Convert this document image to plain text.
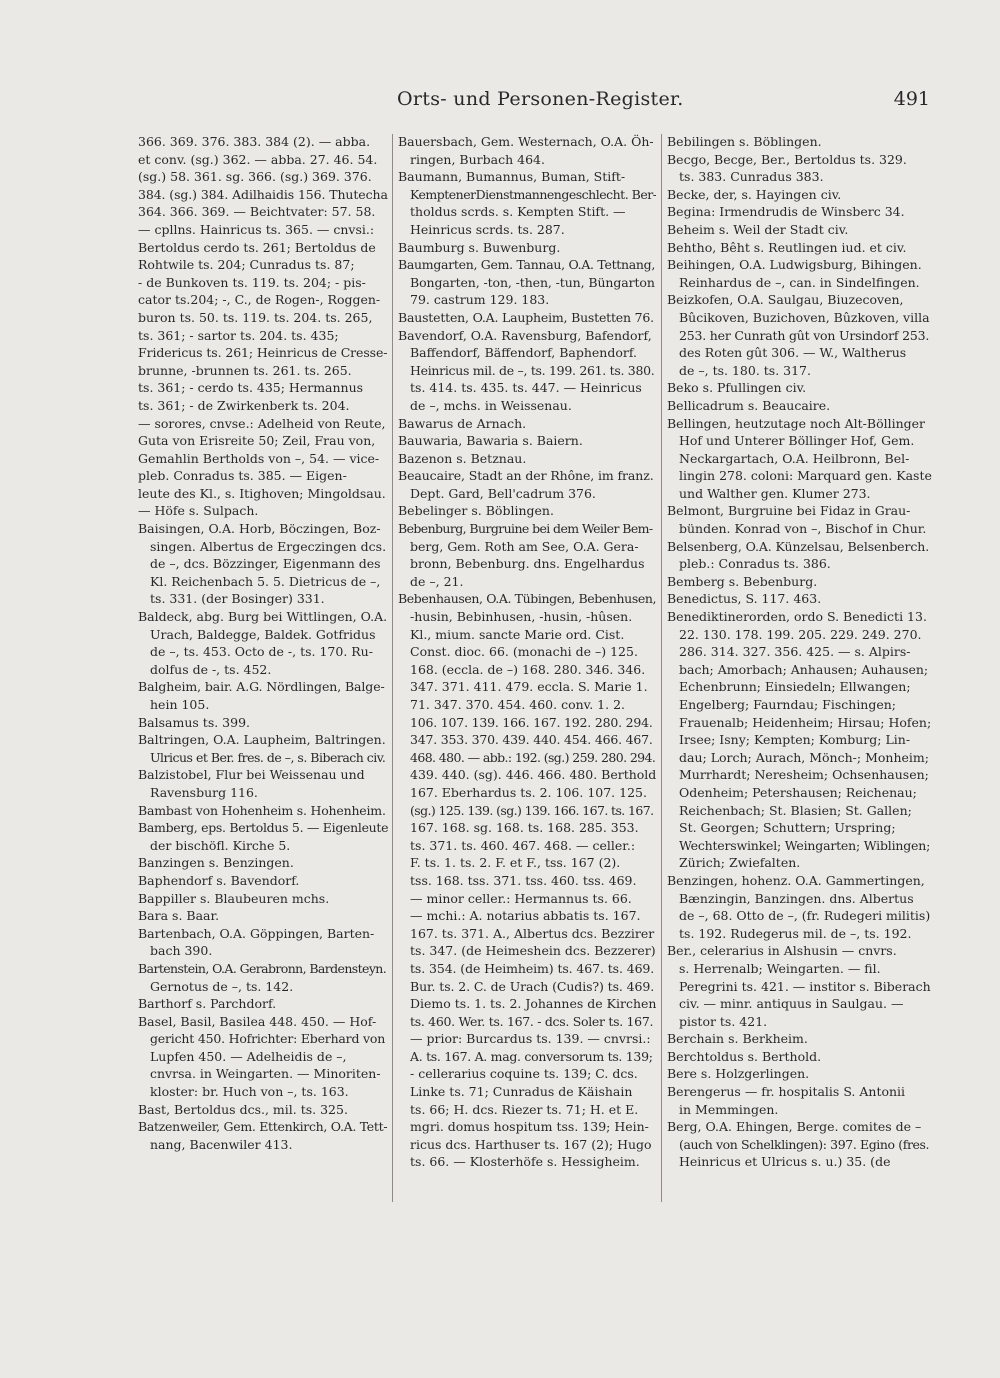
Orts- und Personen-Register.	491
366. 369. 376. 383. 384 (2). — abba.
et conv. (sg.) 362. — abba. 27. 46. 54.
(sg.) 58. 361. sg. 366. (sg.) 369. 376.
384. (sg.) 384. Adilhaidis 156. Thutecha
364. 366. 369. — Beichtvater: 57. 58.
— cpllns. Hainricus ts. 365. — cnvsi.:
Bertoldus cerdo ts. 261; Bertoldus de
Rohtwile ts. 204; Cunradus ts. 87;
- de Bunkoven ts. 119. ts. 204; - pis-
cator ts.204; -, C., de Rogen-, Roggen-
buron ts. 50. ts. 119. ts. 204. ts. 265,
ts. 361; - sartor ts. 204. ts. 435;
Fridericus ts. 261; Heinricus de Cresse-
brunne, -brunnen ts. 261. ts. 265.
ts. 361; - cerdo ts. 435; Hermannus
ts. 361; - de Zwirkenberk ts. 204.
— sorores, cnvse.: Adelheid von Reute,
Guta von Erisreite 50; Zeil, Frau von,
Gemahlin Bertholds von –, 54. — vice-
pleb. Conradus ts. 385. — Eigen-
leute des Kl., s. Itighoven; Mingoldsau.
— Höfe s. Sulpach.
Baisingen, O.A. Horb, Böczingen, Boz-
singen. Albertus de Ergeczingen dcs.
de –, dcs. Bözzinger, Eigenmann des
Kl. Reichenbach 5. 5. Dietricus de –,
ts. 331. (der Bosinger) 331.
Baldeck, abg. Burg bei Wittlingen, O.A.
Urach, Baldegge, Baldek. Gotfridus
de –, ts. 453. Octo de -, ts. 170. Ru-
dolfus de -, ts. 452.
Balgheim, bair. A.G. Nördlingen, Balge-
hein 105.
Balsamus ts. 399.
Baltringen, O.A. Laupheim, Baltringen.
Ulricus et Ber. fres. de –, s. Biberach civ.
Balzistobel, Flur bei Weissenau und
Ravensburg 116.
Bambast von Hohenheim s. Hohenheim.
Bamberg, eps. Bertoldus 5. — Eigenleute
der bischöfl. Kirche 5.
Banzingen s. Benzingen.
Baphendorf s. Bavendorf.
Bappiller s. Blaubeuren mchs.
Bara s. Baar.
Bartenbach, O.A. Göppingen, Barten-
bach 390.
Bartenstein, O.A. Gerabronn, Bardensteyn.
Gernotus de –, ts. 142.
Barthorf s. Parchdorf.
Basel, Basil, Basilea 448. 450. — Hof-
gericht 450. Hofrichter: Eberhard von
Lupfen 450. — Adelheidis de –,
cnvrsa. in Weingarten. — Minoriten-
kloster: br. Huch von –, ts. 163.
Bast, Bertoldus dcs., mil. ts. 325.
Batzenweiler, Gem. Ettenkirch, O.A. Tett-
nang, Bacenwiler 413.
Bauersbach, Gem. Westernach, O.A. Öh-
ringen, Burbach 464.
Baumann, Bumannus, Buman, Stift-
KemptenerDienstmannengeschlecht. Ber-
tholdus scrds. s. Kempten Stift. —
Heinricus scrds. ts. 287.
Baumburg s. Buwenburg.
Baumgarten, Gem. Tannau, O.A. Tettnang,
Bongarten, -ton, -then, -tun, Büngarton
79. castrum 129. 183.
Baustetten, O.A. Laupheim, Bustetten 76.
Bavendorf, O.A. Ravensburg, Bafendorf,
Baffendorf, Bäffendorf, Baphendorf.
Heinricus mil. de –, ts. 199. 261. ts. 380.
ts. 414. ts. 435. ts. 447. — Heinricus
de –, mchs. in Weissenau.
Bawarus de Arnach.
Bauwaria, Bawaria s. Baiern.
Bazenon s. Betznau.
Beaucaire, Stadt an der Rhône, im franz.
Dept. Gard, Bell'cadrum 376.
Bebelinger s. Böblingen.
Bebenburg, Burgruine bei dem Weiler Bem-
berg, Gem. Roth am See, O.A. Gera-
bronn, Bebenburg. dns. Engelhardus
de –, 21.
Bebenhausen, O.A. Tübingen, Bebenhusen,
-husin, Bebinhusen, -husin, -hûsen.
Kl., mium. sancte Marie ord. Cist.
Const. dioc. 66. (monachi de –) 125.
168. (eccla. de –) 168. 280. 346. 346.
347. 371. 411. 479. eccla. S. Marie 1.
71. 347. 370. 454. 460. conv. 1. 2.
106. 107. 139. 166. 167. 192. 280. 294.
347. 353. 370. 439. 440. 454. 466. 467.
468. 480. — abb.: 192. (sg.) 259. 280. 294.
439. 440. (sg). 446. 466. 480. Berthold
167. Eberhardus ts. 2. 106. 107. 125.
(sg.) 125. 139. (sg.) 139. 166. 167. ts. 167.
167. 168. sg. 168. ts. 168. 285. 353.
ts. 371. ts. 460. 467. 468. — celler.:
F. ts. 1. ts. 2. F. et F., tss. 167 (2).
tss. 168. tss. 371. tss. 460. tss. 469.
— minor celler.: Hermannus ts. 66.
— mchi.: A. notarius abbatis ts. 167.
167. ts. 371. A., Albertus dcs. Bezzirer
ts. 347. (de Heimeshein dcs. Bezzerer)
ts. 354. (de Heimheim) ts. 467. ts. 469.
Bur. ts. 2. C. de Urach (Cudis?) ts. 469.
Diemo ts. 1. ts. 2. Johannes de Kirchen
ts. 460. Wer. ts. 167. - dcs. Soler ts. 167.
— prior: Burcardus ts. 139. — cnvrsi.:
A. ts. 167. A. mag. conversorum ts. 139;
- cellerarius coquine ts. 139; C. dcs.
Linke ts. 71; Cunradus de Käishain
ts. 66; H. dcs. Riezer ts. 71; H. et E.
mgri. domus hospitum tss. 139; Hein-
ricus dcs. Harthuser ts. 167 (2); Hugo
ts. 66. — Klosterhöfe s. Hessigheim.
Bebilingen s. Böblingen.
Becgo, Becge, Ber., Bertoldus ts. 329.
ts. 383. Cunradus 383.
Becke, der, s. Hayingen civ.
Begina: Irmendrudis de Winsberc 34.
Beheim s. Weil der Stadt civ.
Behtho, Bêht s. Reutlingen iud. et civ.
Beihingen, O.A. Ludwigsburg, Bihingen.
Reinhardus de –, can. in Sindelfingen.
Beizkofen, O.A. Saulgau, Biuzecoven,
Bûcikoven, Buzichoven, Bûzkoven, villa
253. her Cunrath gût von Ursindorf 253.
des Roten gût 306. — W., Waltherus
de –, ts. 180. ts. 317.
Beko s. Pfullingen civ.
Bellicadrum s. Beaucaire.
Bellingen, heutzutage noch Alt-Böllinger
Hof und Unterer Böllinger Hof, Gem.
Neckargartach, O.A. Heilbronn, Bel-
lingin 278. coloni: Marquard gen. Kaste
und Walther gen. Klumer 273.
Belmont, Burgruine bei Fidaz in Grau-
bünden. Konrad von –, Bischof in Chur.
Belsenberg, O.A. Künzelsau, Belsenberch.
pleb.: Conradus ts. 386.
Bemberg s. Bebenburg.
Benedictus, S. 117. 463.
Benediktinerorden, ordo S. Benedicti 13.
22. 130. 178. 199. 205. 229. 249. 270.
286. 314. 327. 356. 425. — s. Alpirs-
bach; Amorbach; Anhausen; Auhausen;
Echenbrunn; Einsiedeln; Ellwangen;
Engelberg; Faurndau; Fischingen;
Frauenalb; Heidenheim; Hirsau; Hofen;
Irsee; Isny; Kempten; Komburg; Lin-
dau; Lorch; Aurach, Mönch-; Monheim;
Murrhardt; Neresheim; Ochsenhausen;
Odenheim; Petershausen; Reichenau;
Reichenbach; St. Blasien; St. Gallen;
St. Georgen; Schuttern; Urspring;
Wechterswinkel; Weingarten; Wiblingen;
Zürich; Zwiefalten.
Benzingen, hohenz. O.A. Gammertingen,
Bænzingin, Banzingen. dns. Albertus
de –, 68. Otto de –, (fr. Rudegeri militis)
ts. 192. Rudegerus mil. de –, ts. 192.
Ber., celerarius in Alshusin — cnvrs.
s. Herrenalb; Weingarten. — fil.
Peregrini ts. 421. — institor s. Biberach
civ. — minr. antiquus in Saulgau. —
pistor ts. 421.
Berchain s. Berkheim.
Berchtoldus s. Berthold.
Bere s. Holzgerlingen.
Berengerus — fr. hospitalis S. Antonii
in Memmingen.
Berg, O.A. Ehingen, Berge. comites de –
(auch von Schelklingen): 397. Egino (fres.
Heinricus et Ulricus s. u.) 35. (de
